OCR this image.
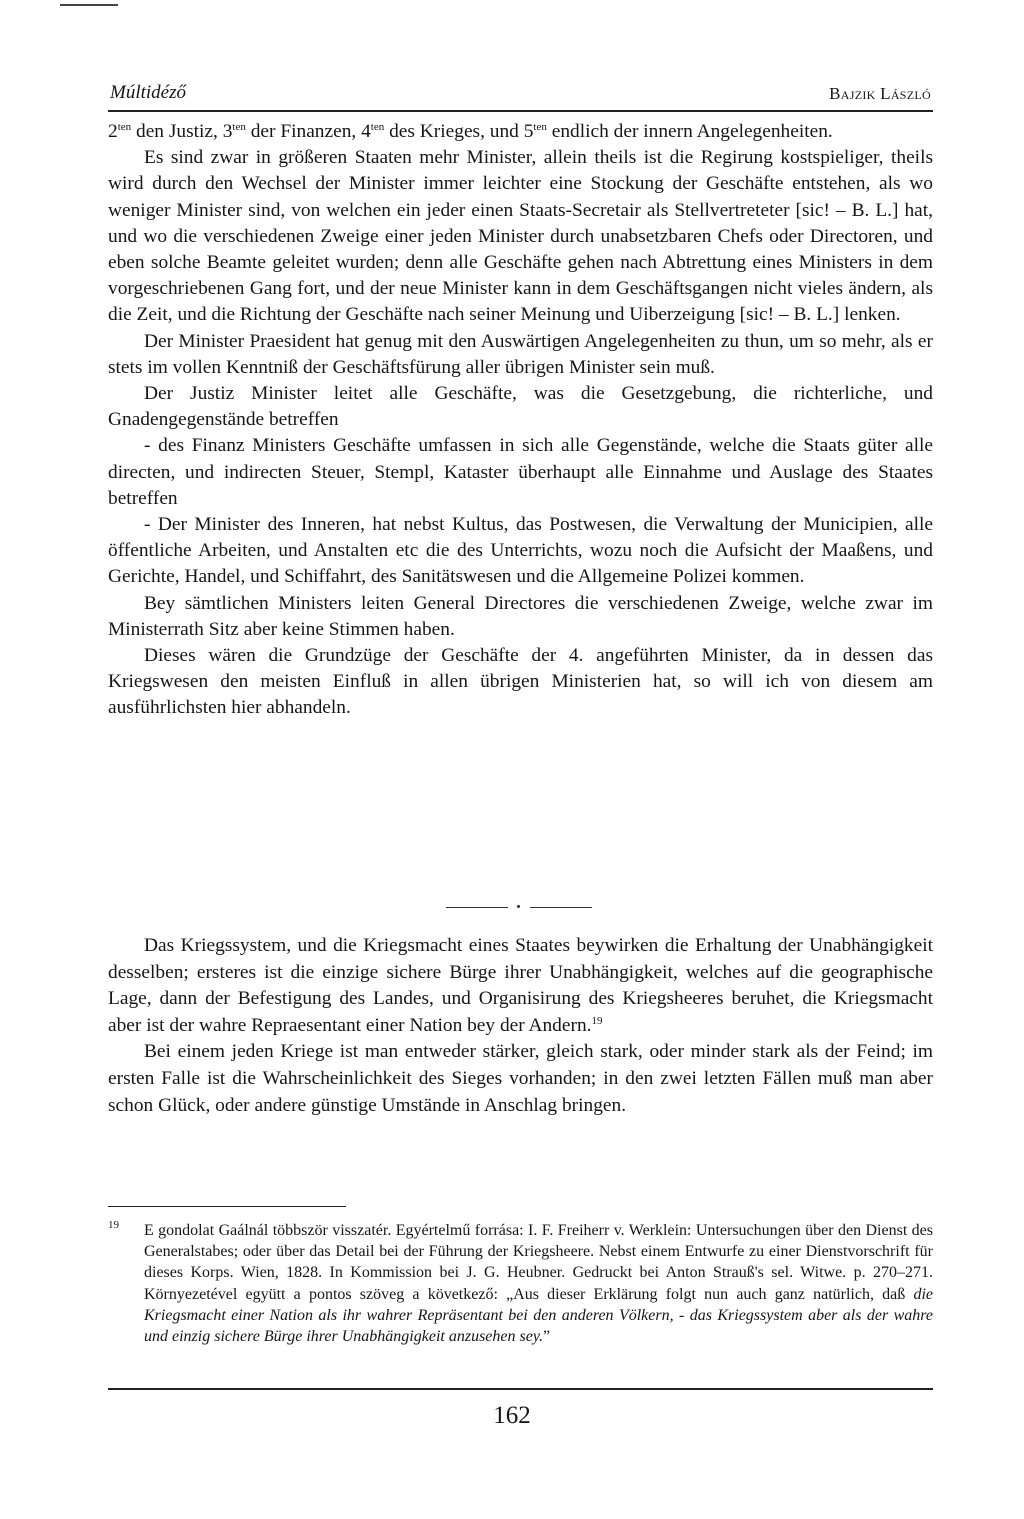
Múltidéző	Bajzik László

$2^{ten}$ den Justiz, $3^{ten}$ der Finanzen, $4^{ten}$ des Krieges, und $5^{ten}$ endlich der innern Angelegenheiten.

Es sind zwar in größeren Staaten mehr Minister, allein theils ist die Regirung kostspieliger, theils wird durch den Wechsel der Minister immer leichter eine Stockung der Geschäfte entstehen, als wo weniger Minister sind, von welchen ein jeder einen Staats-Secretair als Stellvertreteter [sic! – B. L.] hat, und wo die verschiedenen Zweige einer jeden Minister durch unabsetzbaren Chefs oder Directoren, und eben solche Beamte geleitet wurden; denn alle Geschäfte gehen nach Abtrettung eines Ministers in dem vorgeschriebenen Gang fort, und der neue Minister kann in dem Geschäftsgangen nicht vieles ändern, als die Zeit, und die Richtung der Geschäfte nach seiner Meinung und Uiberzeigung [sic! – B. L.] lenken.

Der Minister Praesident hat genug mit den Auswärtigen Angelegenheiten zu thun, um so mehr, als er stets im vollen Kenntniß der Geschäftsfürung aller übrigen Minister sein muß.

Der Justiz Minister leitet alle Geschäfte, was die Gesetzgebung, die richterliche, und Gnadengegenstände betreffen

- des Finanz Ministers Geschäfte umfassen in sich alle Gegenstände, welche die Staats güter alle directen, und indirecten Steuer, Stempl, Kataster überhaupt alle Einnahme und Auslage des Staates betreffen

- Der Minister des Inneren, hat nebst Kultus, das Postwesen, die Verwaltung der Municipien, alle öffentliche Arbeiten, und Anstalten etc die des Unterrichts, wozu noch die Aufsicht der Maaßens, und Gerichte, Handel, und Schiffahrt, des Sanitätswesen und die Allgemeine Polizei kommen.

Bey sämtlichen Ministers leiten General Directores die verschiedenen Zweige, welche zwar im Ministerrath Sitz aber keine Stimmen haben.

Dieses wären die Grundzüge der Geschäfte der 4. angeführten Minister, da in dessen das Kriegswesen den meisten Einfluß in allen übrigen Ministerien hat, so will ich von diesem am ausführlichsten hier abhandeln.

Das Kriegssystem, und die Kriegsmacht eines Staates beywirken die Erhaltung der Unabhängigkeit desselben; ersteres ist die einzige sichere Bürge ihrer Unabhängigkeit, welches auf die geographische Lage, dann der Befestigung des Landes, und Organisirung des Kriegsheeres beruhet, die Kriegsmacht aber ist der wahre Repraesentant einer Nation bey der Andern.$^{19}$

Bei einem jeden Kriege ist man entweder stärker, gleich stark, oder minder stark als der Feind; im ersten Falle ist die Wahrscheinlichkeit des Sieges vorhanden; in den zwei letzten Fällen muß man aber schon Glück, oder andere günstige Umstände in Anschlag bringen.

$^{19}$	E gondolat Gaálnál többször visszatér. Egyértelmű forrása: I. F. Freiherr v. Werklein: Untersuchungen über den Dienst des Generalstabes; oder über das Detail bei der Führung der Kriegsheere. Nebst einem Entwurfe zu einer Dienstvorschrift für dieses Korps. Wien, 1828. In Kommission bei J. G. Heubner. Gedruckt bei Anton Strauß's sel. Witwe. p. 270–271. Környezetével együtt a pontos szöveg a következő: „Aus dieser Erklärung folgt nun auch ganz natürlich, daß die Kriegsmacht einer Nation als ihr wahrer Repräsentant bei den anderen Völkern, - das Kriegssystem aber als der wahre und einzig sichere Bürge ihrer Unabhängigkeit anzusehen sey.”
162
